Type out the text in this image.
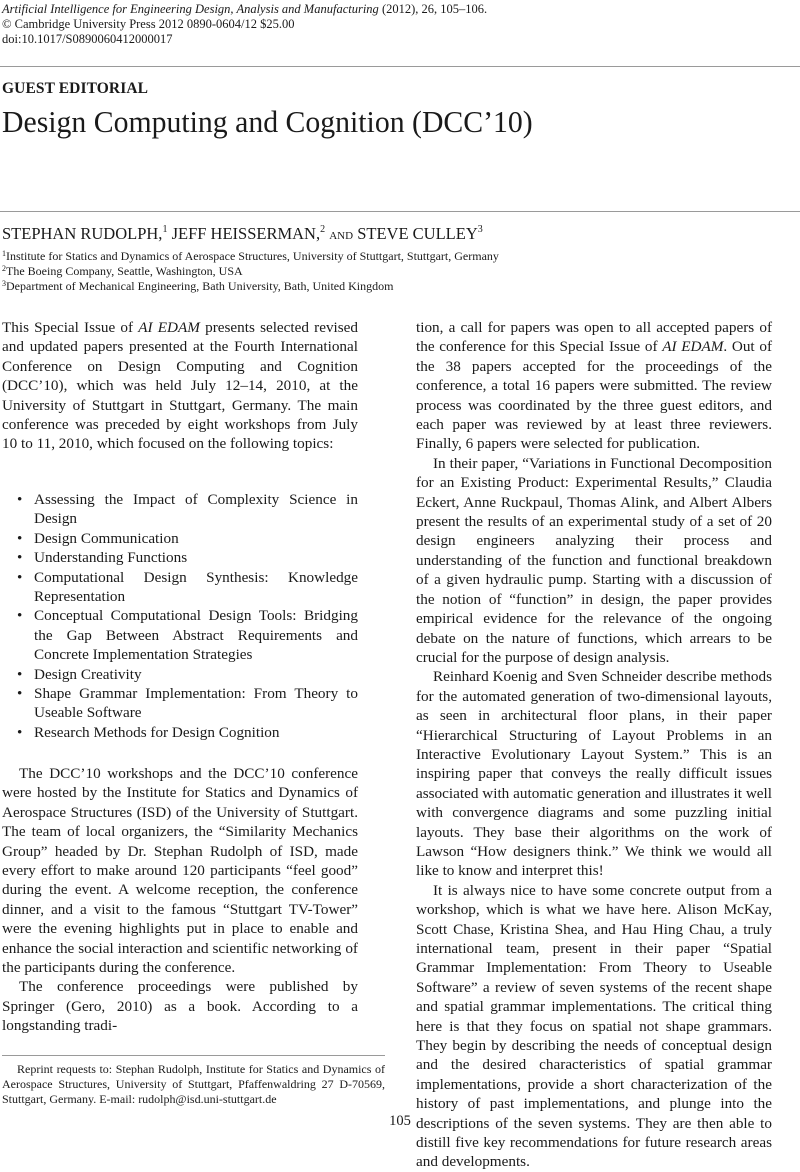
Artificial Intelligence for Engineering Design, Analysis and Manufacturing (2012), 26, 105–106.
© Cambridge University Press 2012 0890-0604/12 $25.00
doi:10.1017/S0890060412000017
GUEST EDITORIAL
Design Computing and Cognition (DCC’10)
STEPHAN RUDOLPH,$^1$ JEFF HEISSERMAN,$^2$ AND STEVE CULLEY$^3$
$^1$Institute for Statics and Dynamics of Aerospace Structures, University of Stuttgart, Stuttgart, Germany
$^2$The Boeing Company, Seattle, Washington, USA
$^3$Department of Mechanical Engineering, Bath University, Bath, United Kingdom

This Special Issue of AI EDAM presents selected revised and updated papers presented at the Fourth International Conference on Design Computing and Cognition (DCC’10), which was held July 12–14, 2010, at the University of Stuttgart in Stuttgart, Germany. The main conference was preceded by eight workshops from July 10 to 11, 2010, which focused on the following topics:

• Assessing the Impact of Complexity Science in Design
• Design Communication
• Understanding Functions
• Computational Design Synthesis: Knowledge Representation
• Conceptual Computational Design Tools: Bridging the Gap Between Abstract Requirements and Concrete Implementation Strategies
• Design Creativity
• Shape Grammar Implementation: From Theory to Useable Software
• Research Methods for Design Cognition

The DCC’10 workshops and the DCC’10 conference were hosted by the Institute for Statics and Dynamics of Aerospace Structures (ISD) of the University of Stuttgart. The team of local organizers, the “Similarity Mechanics Group” headed by Dr. Stephan Rudolph of ISD, made every effort to make around 120 participants “feel good” during the event. A welcome reception, the conference dinner, and a visit to the famous “Stuttgart TV-Tower” were the evening highlights put in place to enable and enhance the social interaction and scientific networking of the participants during the conference.

The conference proceedings were published by Springer (Gero, 2010) as a book. According to a longstanding tradi-

tion, a call for papers was open to all accepted papers of the conference for this Special Issue of AI EDAM. Out of the 38 papers accepted for the proceedings of the conference, a total 16 papers were submitted. The review process was coordinated by the three guest editors, and each paper was reviewed by at least three reviewers. Finally, 6 papers were selected for publication.

In their paper, “Variations in Functional Decomposition for an Existing Product: Experimental Results,” Claudia Eckert, Anne Ruckpaul, Thomas Alink, and Albert Albers present the results of an experimental study of a set of 20 design engineers analyzing their process and understanding of the function and functional breakdown of a given hydraulic pump. Starting with a discussion of the notion of “function” in design, the paper provides empirical evidence for the relevance of the ongoing debate on the nature of functions, which arrears to be crucial for the purpose of design analysis.

Reinhard Koenig and Sven Schneider describe methods for the automated generation of two-dimensional layouts, as seen in architectural floor plans, in their paper “Hierarchical Structuring of Layout Problems in an Interactive Evolutionary Layout System.” This is an inspiring paper that conveys the really difficult issues associated with automatic generation and illustrates it well with convergence diagrams and some puzzling initial layouts. They base their algorithms on the work of Lawson “How designers think.” We think we would all like to know and interpret this!

It is always nice to have some concrete output from a workshop, which is what we have here. Alison McKay, Scott Chase, Kristina Shea, and Hau Hing Chau, a truly international team, present in their paper “Spatial Grammar Implementation: From Theory to Useable Software” a review of seven systems of the recent shape and spatial grammar implementations. The critical thing here is that they focus on spatial not shape grammars. They begin by describing the needs of conceptual design and the desired characteristics of spatial grammar implementations, provide a short characterization of the history of past implementations, and plunge into the descriptions of the seven systems. They are then able to distill five key recommendations for future research areas and developments.

Reprint requests to: Stephan Rudolph, Institute for Statics and Dynamics of Aerospace Structures, University of Stuttgart, Pfaffenwaldring 27 D-70569, Stuttgart, Germany. E-mail: rudolph@isd.uni-stuttgart.de

105
